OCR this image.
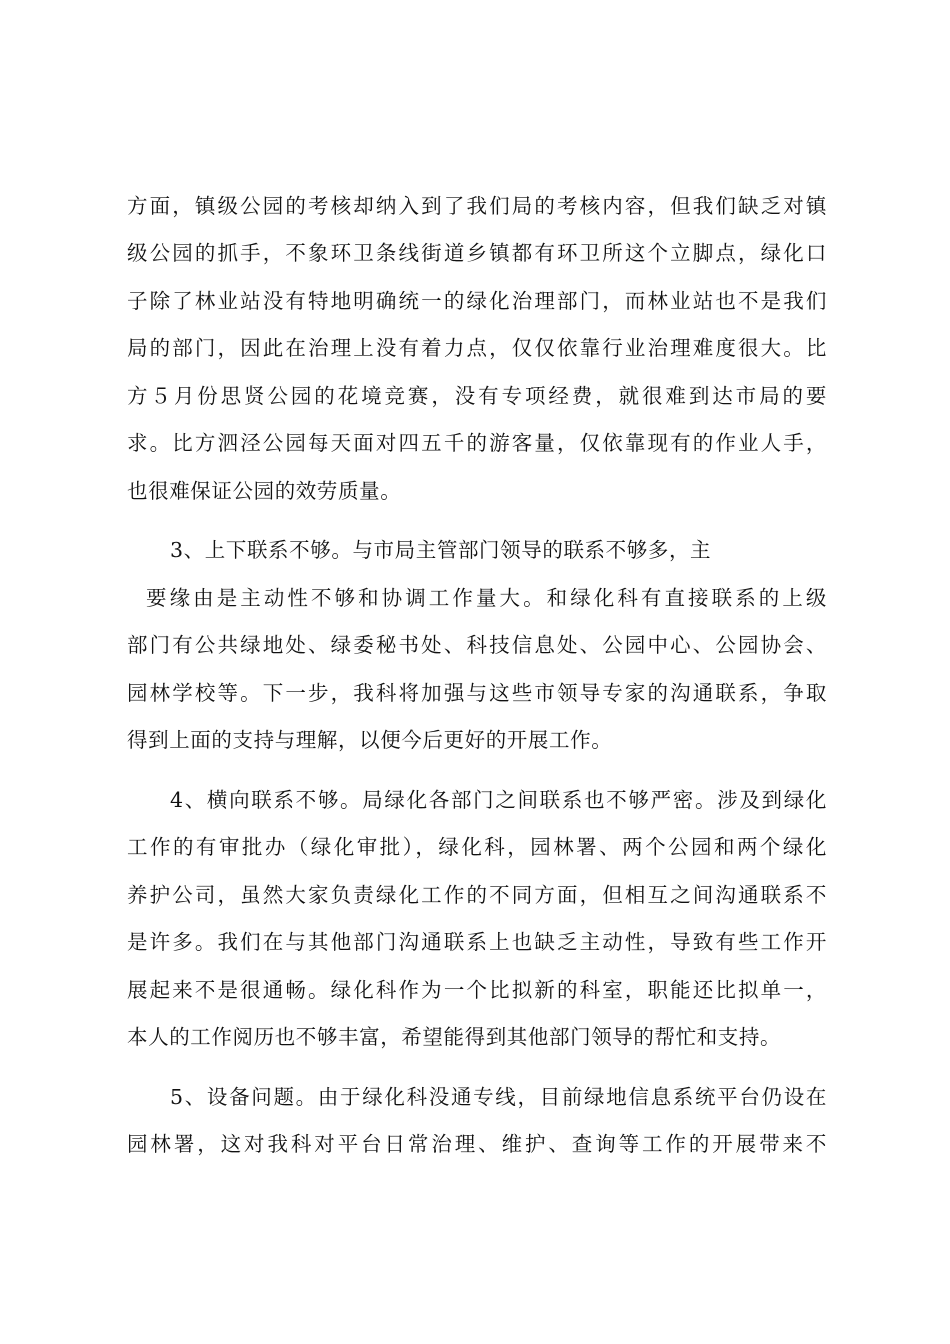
方面，镇级公园的考核却纳入到了我们局的考核内容，但我们缺乏对镇
级公园的抓手，不象环卫条线街道乡镇都有环卫所这个立脚点，绿化口
子除了林业站没有特地明确统一的绿化治理部门，而林业站也不是我们
局的部门，因此在治理上没有着力点，仅仅依靠行业治理难度很大。比
方５月份思贤公园的花境竞赛，没有专项经费，就很难到达市局的要
求。比方泗泾公园每天面对四五千的游客量，仅依靠现有的作业人手，
也很难保证公园的效劳质量。
3、上下联系不够。与市局主管部门领导的联系不够多，主
要缘由是主动性不够和协调工作量大。和绿化科有直接联系的上级
部门有公共绿地处、绿委秘书处、科技信息处、公园中心、公园协会、
园林学校等。下一步，我科将加强与这些市领导专家的沟通联系，争取
得到上面的支持与理解，以便今后更好的开展工作。
4、横向联系不够。局绿化各部门之间联系也不够严密。涉及到绿化
工作的有审批办（绿化审批），绿化科，园林署、两个公园和两个绿化
养护公司，虽然大家负责绿化工作的不同方面，但相互之间沟通联系不
是许多。我们在与其他部门沟通联系上也缺乏主动性，导致有些工作开
展起来不是很通畅。绿化科作为一个比拟新的科室，职能还比拟单一，
本人的工作阅历也不够丰富，希望能得到其他部门领导的帮忙和支持。
5、设备问题。由于绿化科没通专线，目前绿地信息系统平台仍设在
园林署，这对我科对平台日常治理、维护、查询等工作的开展带来不
